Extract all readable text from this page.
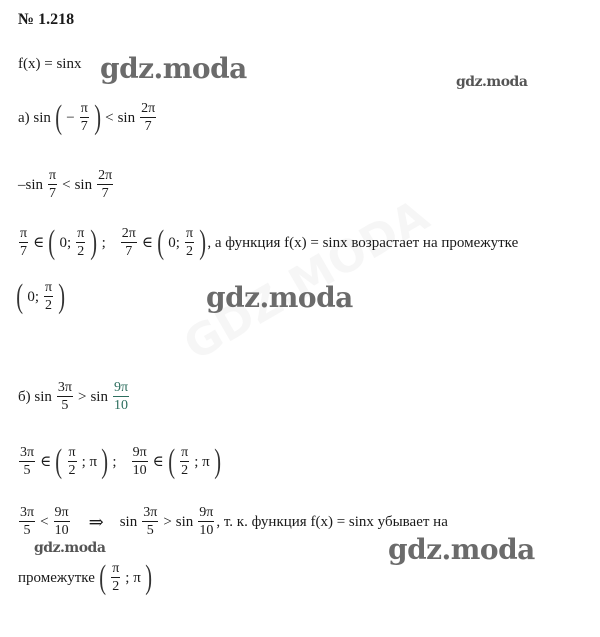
№ 1.218
f(x) = sinx gdz.moda	gdz.moda
gdz.moda
gdz.moda	gdz.moda
а) sin ( − $\frac{\pi}{7}$ ) < $\sin \frac{2\pi}{7}$
$-\sin \frac{\pi}{7} < \sin \frac{2\pi}{7}$
$\frac{\pi}{7}$ ∈ ( 0; $\frac{\pi}{2}$ ) ; $\frac{2\pi}{7}$ ∈ ( 0; $\frac{\pi}{2}$ ) , а функция f(x) = sinx возрастает на промежутке
( 0; $\frac{\pi}{2}$ )
б) $\sin \frac{3\pi}{5} > \sin \frac{9\pi}{10}$
$\frac{3\pi}{5}$ ∈ ( $\frac{\pi}{2}$ ; π ) ; $\frac{9\pi}{10}$ ∈ ( $\frac{\pi}{2}$ ; π )
$\frac{3\pi}{5} < \frac{9\pi}{10}$ ⇒ $\sin \frac{3\pi}{5} > \sin \frac{9\pi}{10}$ , т. к. функция f(x) = sinx убывает на
промежутке ( $\frac{\pi}{2}$ ; π )
